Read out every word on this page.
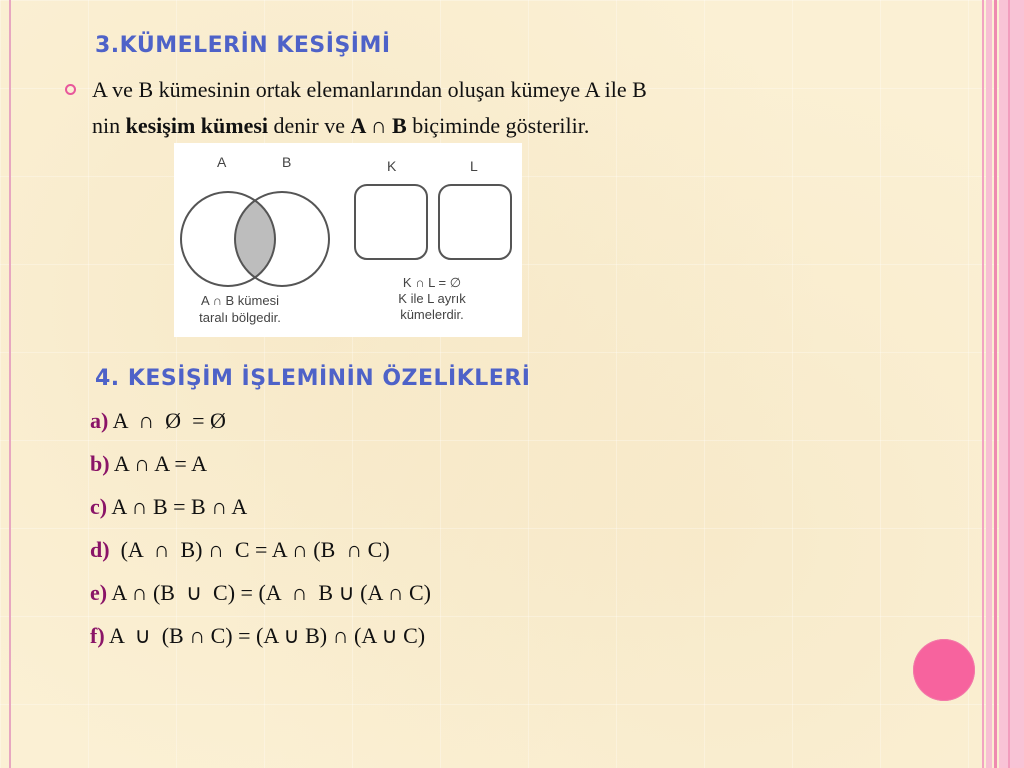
3.KÜMELERİN KESİŞİMİ
A ve B kümesinin ortak elemanlarından oluşan kümeye A ile B
nin kesişim kümesi denir ve A ∩ B biçiminde gösterilir.
A	B	K	L
A ∩ B kümesi
taralı bölgedir.
K ∩ L = ∅
K ile L ayrık
kümelerdir.
4. KESİŞİM İŞLEMİNİN ÖZELİKLERİ
a) A  ∩  Ø  = Ø
b) A ∩ A = A
c) A ∩ B = B ∩ A
d)  (A  ∩  B) ∩  C = A ∩ (B  ∩ C)
e) A ∩ (B  ∪  C) = (A  ∩  B ∪ (A ∩ C)
f) A  ∪  (B ∩ C) = (A ∪ B) ∩ (A ∪ C)
